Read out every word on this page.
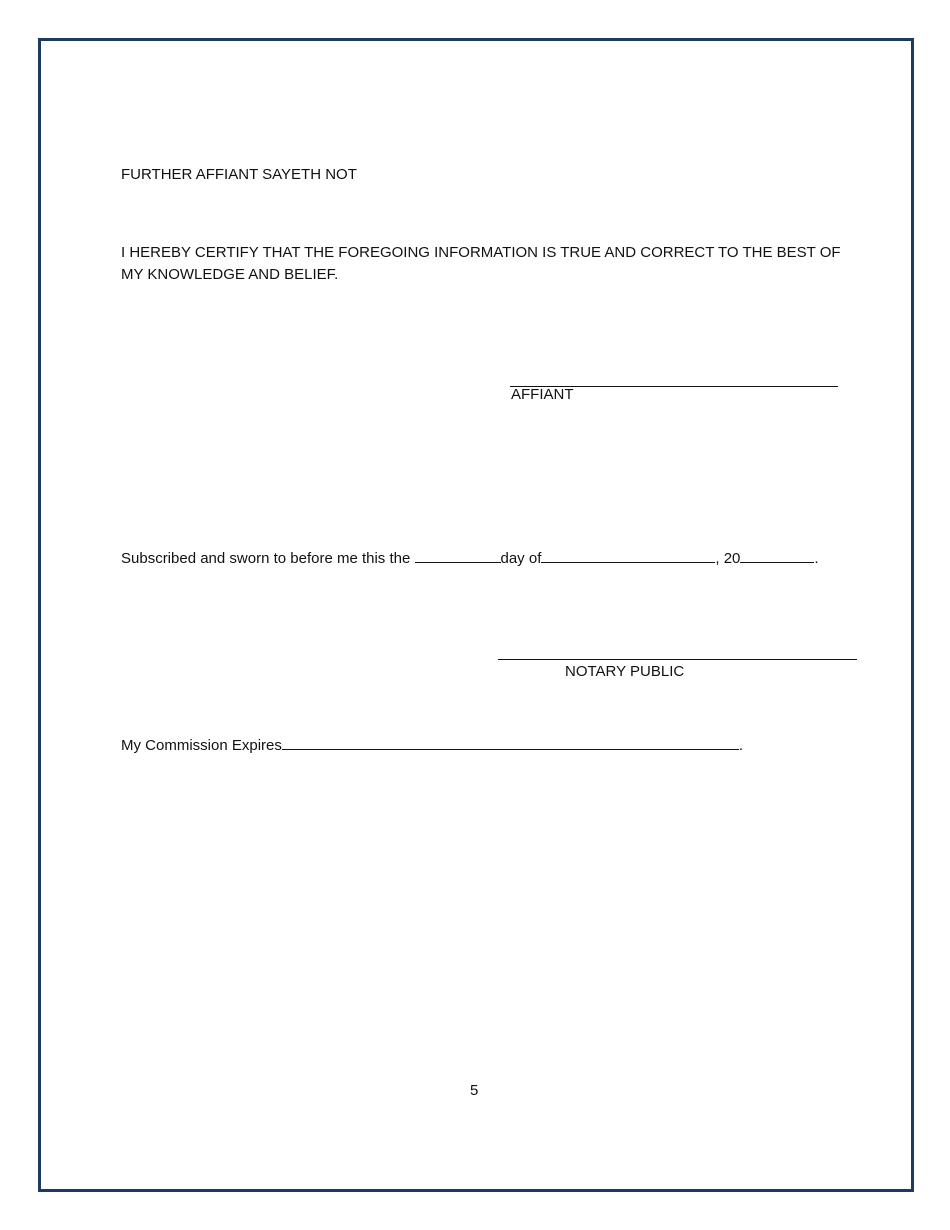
FURTHER AFFIANT SAYETH NOT
I HEREBY CERTIFY THAT THE FOREGOING INFORMATION IS TRUE AND CORRECT TO THE BEST OF
MY KNOWLEDGE AND BELIEF.
AFFIANT
Subscribed and sworn to before me this the	day of	, 20	.
NOTARY PUBLIC
My Commission Expires	.
5
